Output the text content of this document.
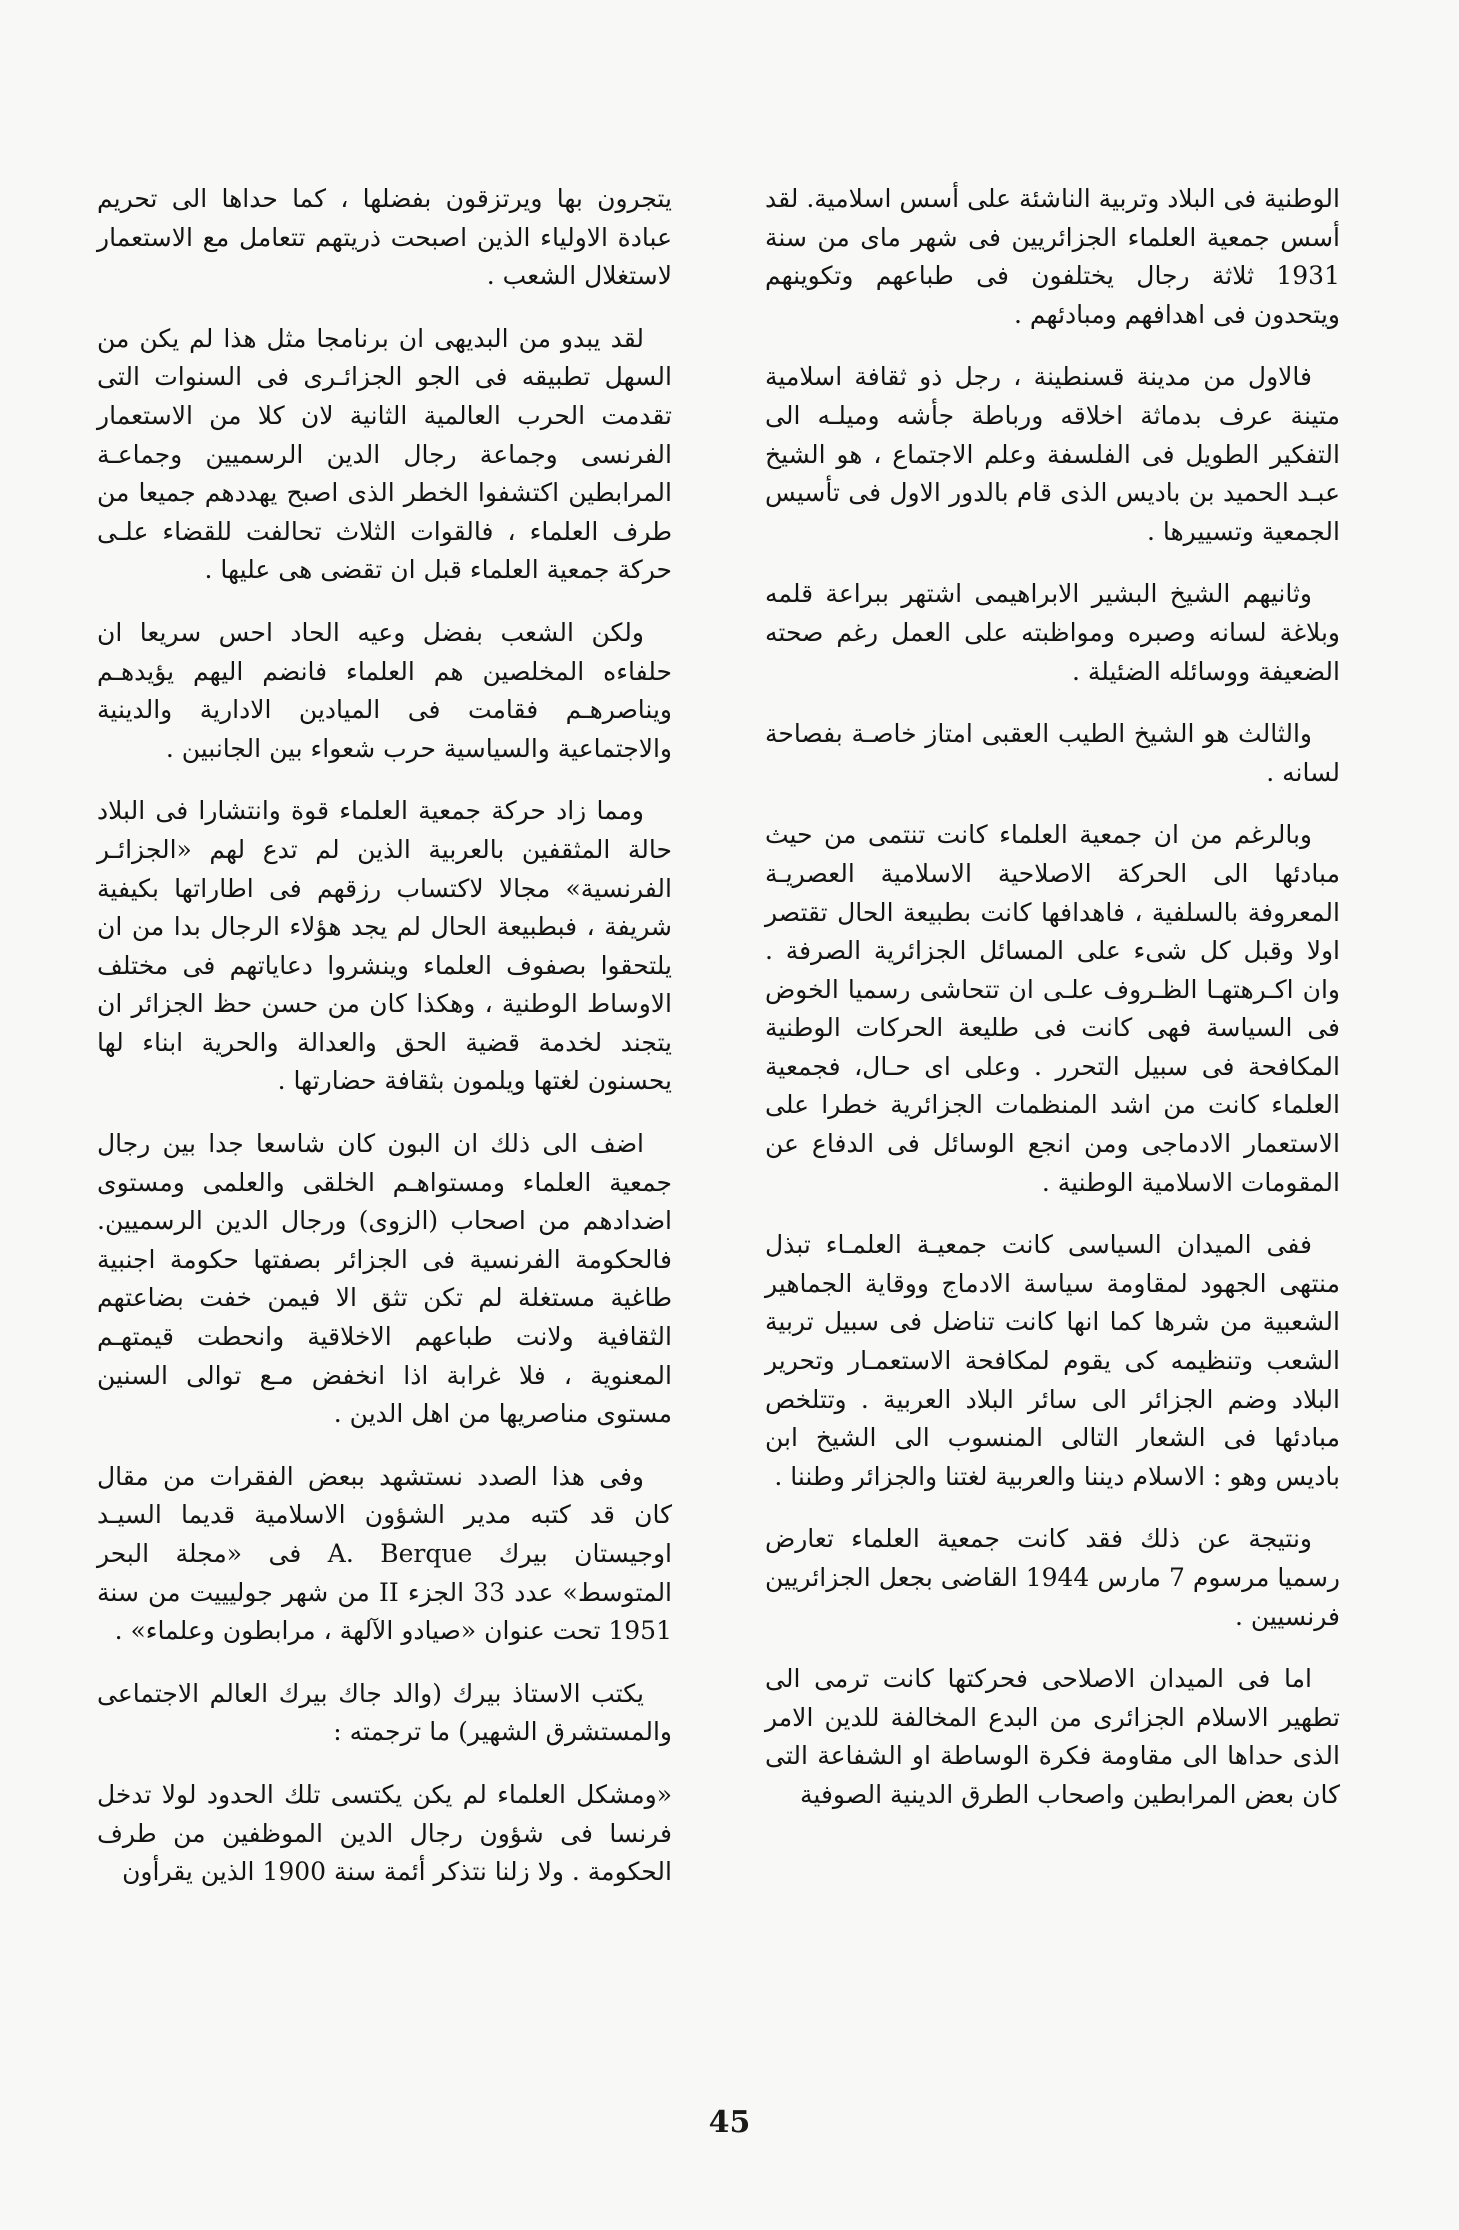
الوطنية فى البلاد وتربية الناشئة على أسس اسلامية. لقد أسس جمعية العلماء الجزائريين فى شهر ماى من سنة 1931 ثلاثة رجال يختلفون فى طباعهم وتكوينهم ويتحدون فى اهدافهم ومبادئهم .

فالاول من مدينة قسنطينة ، رجل ذو ثقافة اسلامية متينة عرف بدماثة اخلاقه ورباطة جأشه وميلـه الى التفكير الطويل فى الفلسفة وعلم الاجتماع ، هو الشيخ عبـد الحميد بن باديس الذى قام بالدور الاول فى تأسيس الجمعية وتسييرها .

وثانيهم الشيخ البشير الابراهيمى اشتهر ببراعة قلمه وبلاغة لسانه وصبره ومواظبته على العمل رغم صحته الضعيفة ووسائله الضئيلة .

والثالث هو الشيخ الطيب العقبى امتاز خاصـة بفصاحة لسانه .

وبالرغم من ان جمعية العلماء كانت تنتمى من حيث مبادئها الى الحركة الاصلاحية الاسلامية العصريـة المعروفة بالسلفية ، فاهدافها كانت بطبيعة الحال تقتصر اولا وقبل كل شىء على المسائل الجزائرية الصرفة . وان اكـرهتهـا الظـروف علـى ان تتحاشى رسميا الخوض فى السياسة فهى كانت فى طليعة الحركات الوطنية المكافحة فى سبيل التحرر . وعلى اى حـال، فجمعية العلماء كانت من اشد المنظمات الجزائرية خطرا على الاستعمار الادماجى ومن انجع الوسائل فى الدفاع عن المقومات الاسلامية الوطنية .

ففى الميدان السياسى كانت جمعيـة العلمـاء تبذل منتهى الجهود لمقاومة سياسة الادماج ووقاية الجماهير الشعبية من شرها كما انها كانت تناضل فى سبيل تربية الشعب وتنظيمه كى يقوم لمكافحة الاستعمـار وتحرير البلاد وضم الجزائر الى سائر البلاد العربية . وتتلخص مبادئها فى الشعار التالى المنسوب الى الشيخ ابن باديس وهو : الاسلام ديننا والعربية لغتنا والجزائر وطننا .

ونتيجة عن ذلك فقد كانت جمعية العلماء تعارض رسميا مرسوم 7 مارس 1944 القاضى بجعل الجزائريين فرنسيين .

اما فى الميدان الاصلاحى فحركتها كانت ترمى الى تطهير الاسلام الجزائرى من البدع المخالفة للدين الامر الذى حداها الى مقاومة فكرة الوساطة او الشفاعة التى كان بعض المرابطين واصحاب الطرق الدينية الصوفية

يتجرون بها ويرتزقون بفضلها ، كما حداها الى تحريم عبادة الاولياء الذين اصبحت ذريتهم تتعامل مع الاستعمار لاستغلال الشعب .

لقد يبدو من البديهى ان برنامجا مثل هذا لم يكن من السهل تطبيقه فى الجو الجزائـرى فى السنوات التى تقدمت الحرب العالمية الثانية لان كلا من الاستعمار الفرنسى وجماعة رجال الدين الرسميين وجماعـة المرابطين اكتشفوا الخطر الذى اصبح يهددهم جميعا من طرف العلماء ، فالقوات الثلاث تحالفت للقضاء علـى حركة جمعية العلماء قبل ان تقضى هى عليها .

ولكن الشعب بفضل وعيه الحاد احس سريعا ان حلفاءه المخلصين هم العلماء فانضم اليهم يؤيدهـم ويناصرهـم فقامت فى الميادين الادارية والدينية والاجتماعية والسياسية حرب شعواء بين الجانبين .

ومما زاد حركة جمعية العلماء قوة وانتشارا فى البلاد حالة المثقفين بالعربية الذين لم تدع لهم «الجزائـر الفرنسية» مجالا لاكتساب رزقهم فى اطاراتها بكيفية شريفة ، فبطبيعة الحال لم يجد هؤلاء الرجال بدا من ان يلتحقوا بصفوف العلماء وينشروا دعاياتهم فى مختلف الاوساط الوطنية ، وهكذا كان من حسن حظ الجزائر ان يتجند لخدمة قضية الحق والعدالة والحرية ابناء لها يحسنون لغتها ويلمون بثقافة حضارتها .

اضف الى ذلك ان البون كان شاسعا جدا بين رجال جمعية العلماء ومستواهـم الخلقى والعلمى ومستوى اضدادهم من اصحاب (الزوى) ورجال الدين الرسميين. فالحكومة الفرنسية فى الجزائر بصفتها حكومة اجنبية طاغية مستغلة لم تكن تثق الا فيمن خفت بضاعتهم الثقافية ولانت طباعهم الاخلاقية وانحطت قيمتهـم المعنوية ، فلا غرابة اذا انخفض مـع توالى السنين مستوى مناصريها من اهل الدين .

وفى هذا الصدد نستشهد ببعض الفقرات من مقال كان قد كتبه مدير الشؤون الاسلامية قديما السيـد اوجيستان بيرك A. Berque فى «مجلة البحر المتوسط» عدد 33 الجزء II من شهر جوليييت من سنة 1951 تحت عنوان «صيادو الآلهة ، مرابطون وعلماء» .

يكتب الاستاذ بيرك (والد جاك بيرك العالم الاجتماعى والمستشرق الشهير) ما ترجمته :

«ومشكل العلماء لم يكن يكتسى تلك الحدود لولا تدخل فرنسا فى شؤون رجال الدين الموظفين من طرف الحكومة . ولا زلنا نتذكر أئمة سنة 1900 الذين يقرأون

45
